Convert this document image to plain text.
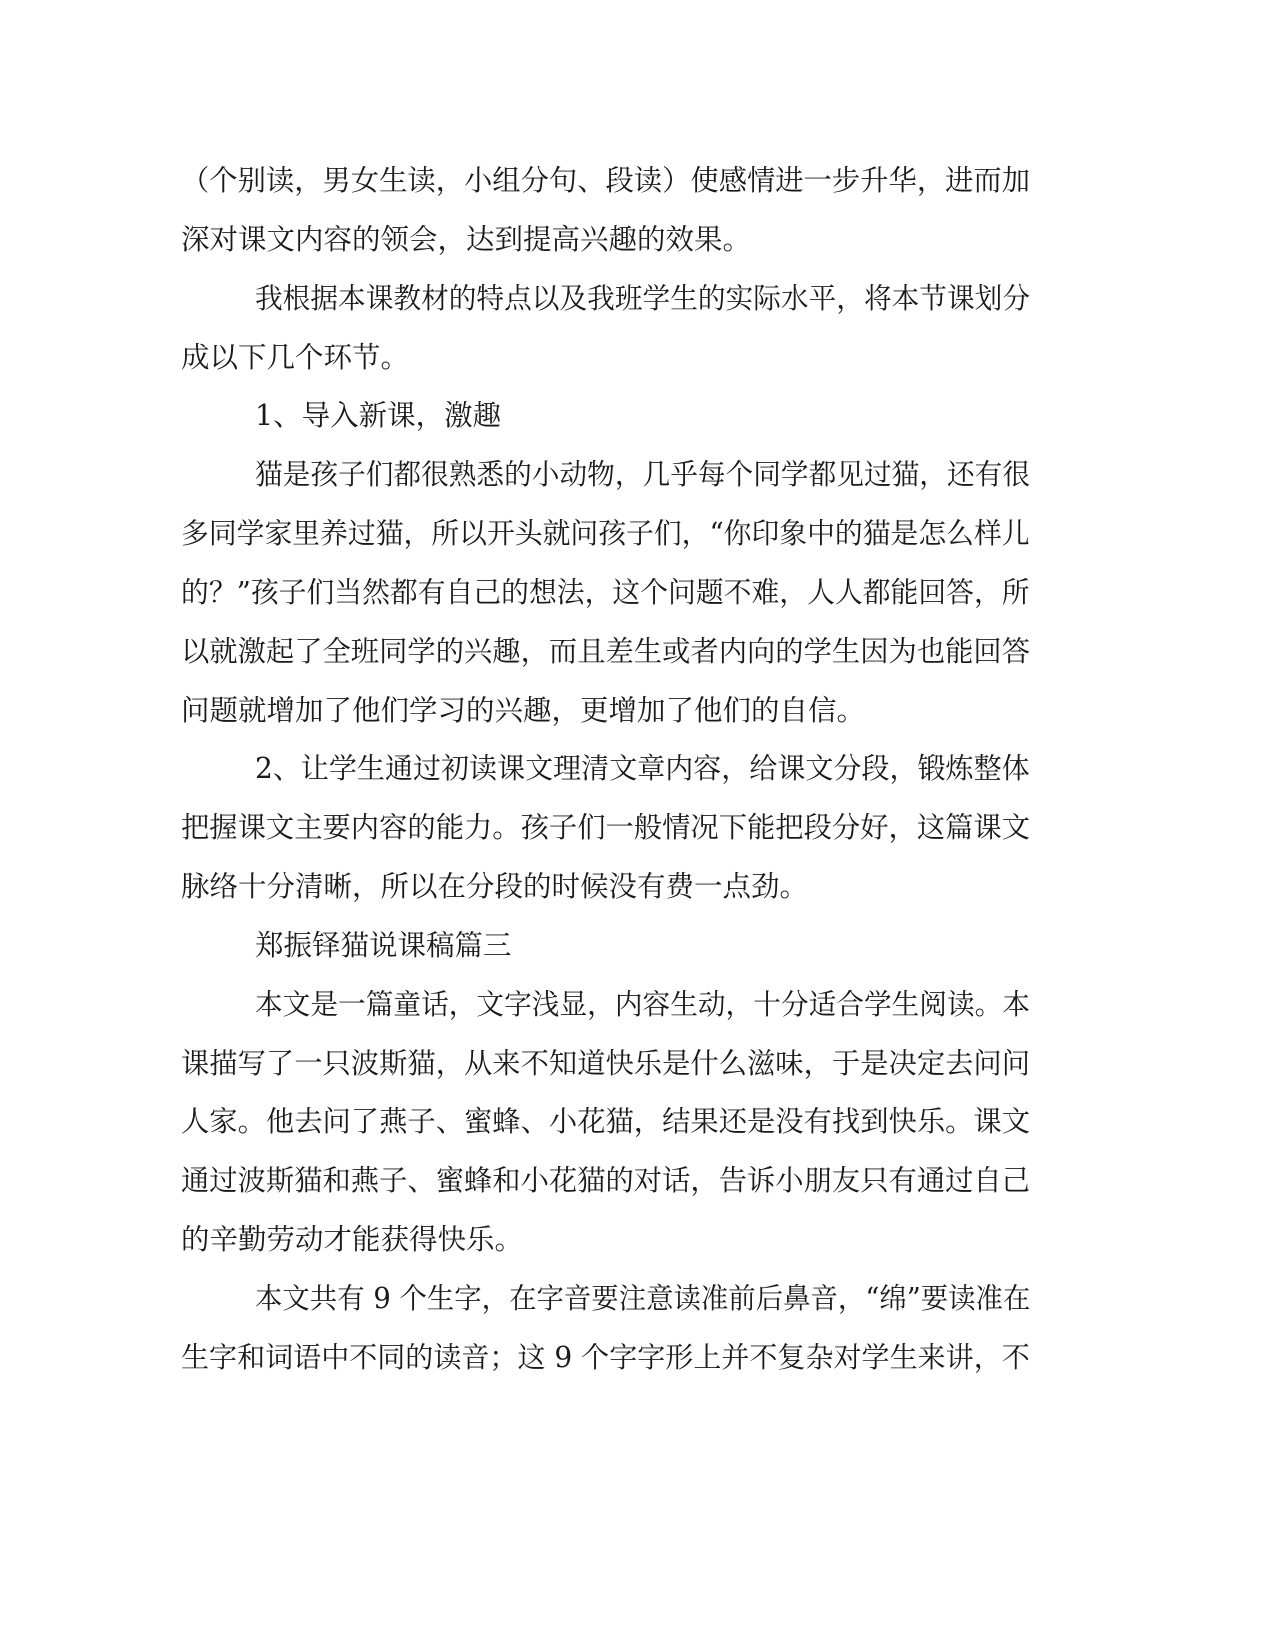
（个别读，男女生读，小组分句、段读）使感情进一步升华，进而加
深对课文内容的领会，达到提高兴趣的效果。
我根据本课教材的特点以及我班学生的实际水平，将本节课划分
成以下几个环节。
1、导入新课，激趣
猫是孩子们都很熟悉的小动物，几乎每个同学都见过猫，还有很
多同学家里养过猫，所以开头就问孩子们，“你印象中的猫是怎么样儿
的？”孩子们当然都有自己的想法，这个问题不难，人人都能回答，所
以就激起了全班同学的兴趣，而且差生或者内向的学生因为也能回答
问题就增加了他们学习的兴趣，更增加了他们的自信。
2、让学生通过初读课文理清文章内容，给课文分段，锻炼整体
把握课文主要内容的能力。孩子们一般情况下能把段分好，这篇课文
脉络十分清晰，所以在分段的时候没有费一点劲。
郑振铎猫说课稿篇三
本文是一篇童话，文字浅显，内容生动，十分适合学生阅读。本
课描写了一只波斯猫，从来不知道快乐是什么滋味，于是决定去问问
人家。他去问了燕子、蜜蜂、小花猫，结果还是没有找到快乐。课文
通过波斯猫和燕子、蜜蜂和小花猫的对话，告诉小朋友只有通过自己
的辛勤劳动才能获得快乐。
本文共有 9 个生字，在字音要注意读准前后鼻音，“绵”要读准在
生字和词语中不同的读音；这 9 个字字形上并不复杂对学生来讲，不
